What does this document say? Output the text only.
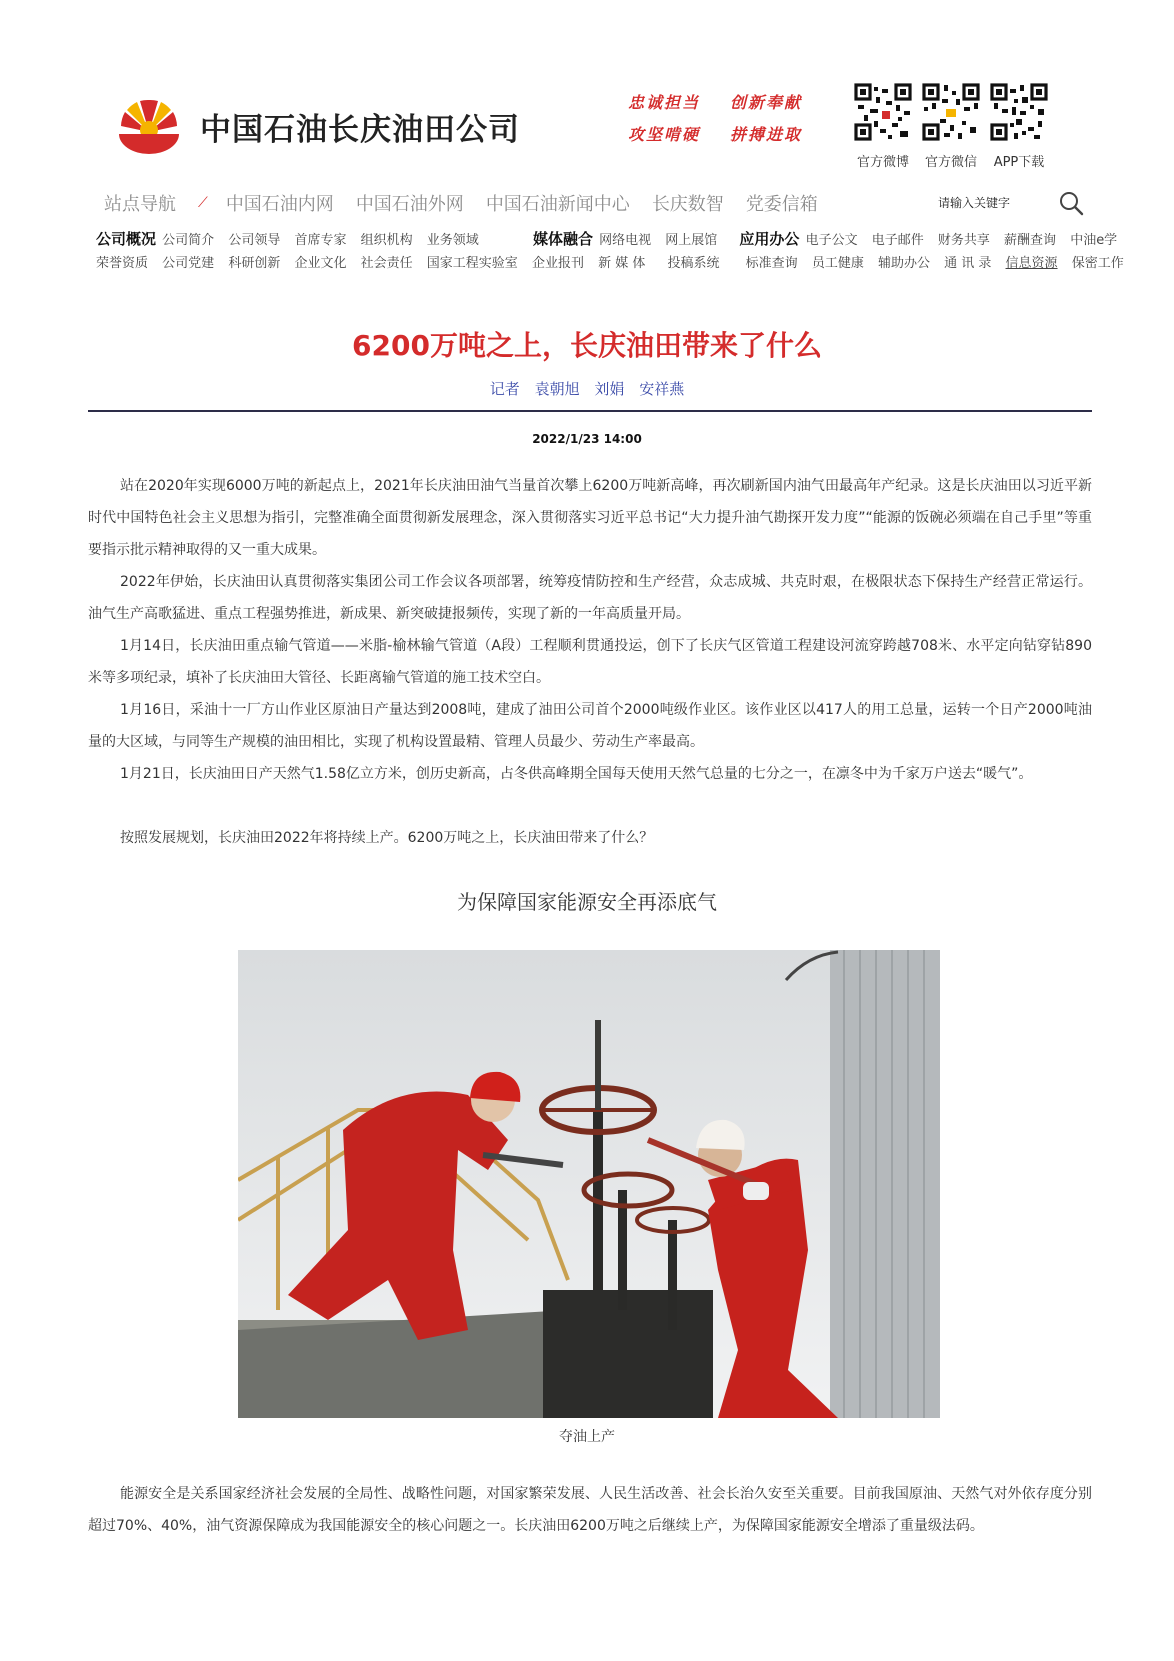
中国石油长庆油田公司
忠诚担当 创新奉献
攻坚啃硬 拼搏进取
官方微博	官方微信	APP下载
站点导航 ⟋ 中国石油内网 中国石油外网 中国石油新闻中心 长庆数智 党委信箱	请输入关键字
公司概况 公司简介 公司领导 首席专家 组织机构 业务领域	媒体融合 网络电视 网上展馆 应用办公 电子公文 电子邮件 财务共享 薪酬查询 中油e学
荣誉资质 公司党建 科研创新 企业文化 社会责任 国家工程实验室 企业报刊 新 媒 体 投稿系统 标准查询 员工健康 辅助办公 通 讯 录 信息资源 保密工作
6200万吨之上，长庆油田带来了什么
记者 袁朝旭 刘娟 安祥燕
2022/1/23 14:00

站在2020年实现6000万吨的新起点上，2021年长庆油田油气当量首次攀上6200万吨新高峰，再次刷新国内油气田最高年产纪录。这是长庆油田以习近平新时代中国特色社会主义思想为指引，完整准确全面贯彻新发展理念，深入贯彻落实习近平总书记“大力提升油气勘探开发力度”“能源的饭碗必须端在自己手里”等重要指示批示精神取得的又一重大成果。

2022年伊始，长庆油田认真贯彻落实集团公司工作会议各项部署，统筹疫情防控和生产经营，众志成城、共克时艰，在极限状态下保持生产经营正常运行。油气生产高歌猛进、重点工程强势推进，新成果、新突破捷报频传，实现了新的一年高质量开局。

1月14日，长庆油田重点输气管道——米脂-榆林输气管道（A段）工程顺利贯通投运，创下了长庆气区管道工程建设河流穿跨越708米、水平定向钻穿钻890米等多项纪录，填补了长庆油田大管径、长距离输气管道的施工技术空白。

1月16日，采油十一厂方山作业区原油日产量达到2008吨，建成了油田公司首个2000吨级作业区。该作业区以417人的用工总量，运转一个日产2000吨油量的大区域，与同等生产规模的油田相比，实现了机构设置最精、管理人员最少、劳动生产率最高。

1月21日，长庆油田日产天然气1.58亿立方米，创历史新高，占冬供高峰期全国每天使用天然气总量的七分之一，在凛冬中为千家万户送去“暖气”。

按照发展规划，长庆油田2022年将持续上产。6200万吨之上，长庆油田带来了什么？

为保障国家能源安全再添底气
夺油上产

能源安全是关系国家经济社会发展的全局性、战略性问题，对国家繁荣发展、人民生活改善、社会长治久安至关重要。目前我国原油、天然气对外依存度分别超过70%、40%，油气资源保障成为我国能源安全的核心问题之一。长庆油田6200万吨之后继续上产，为保障国家能源安全增添了重量级法码。
